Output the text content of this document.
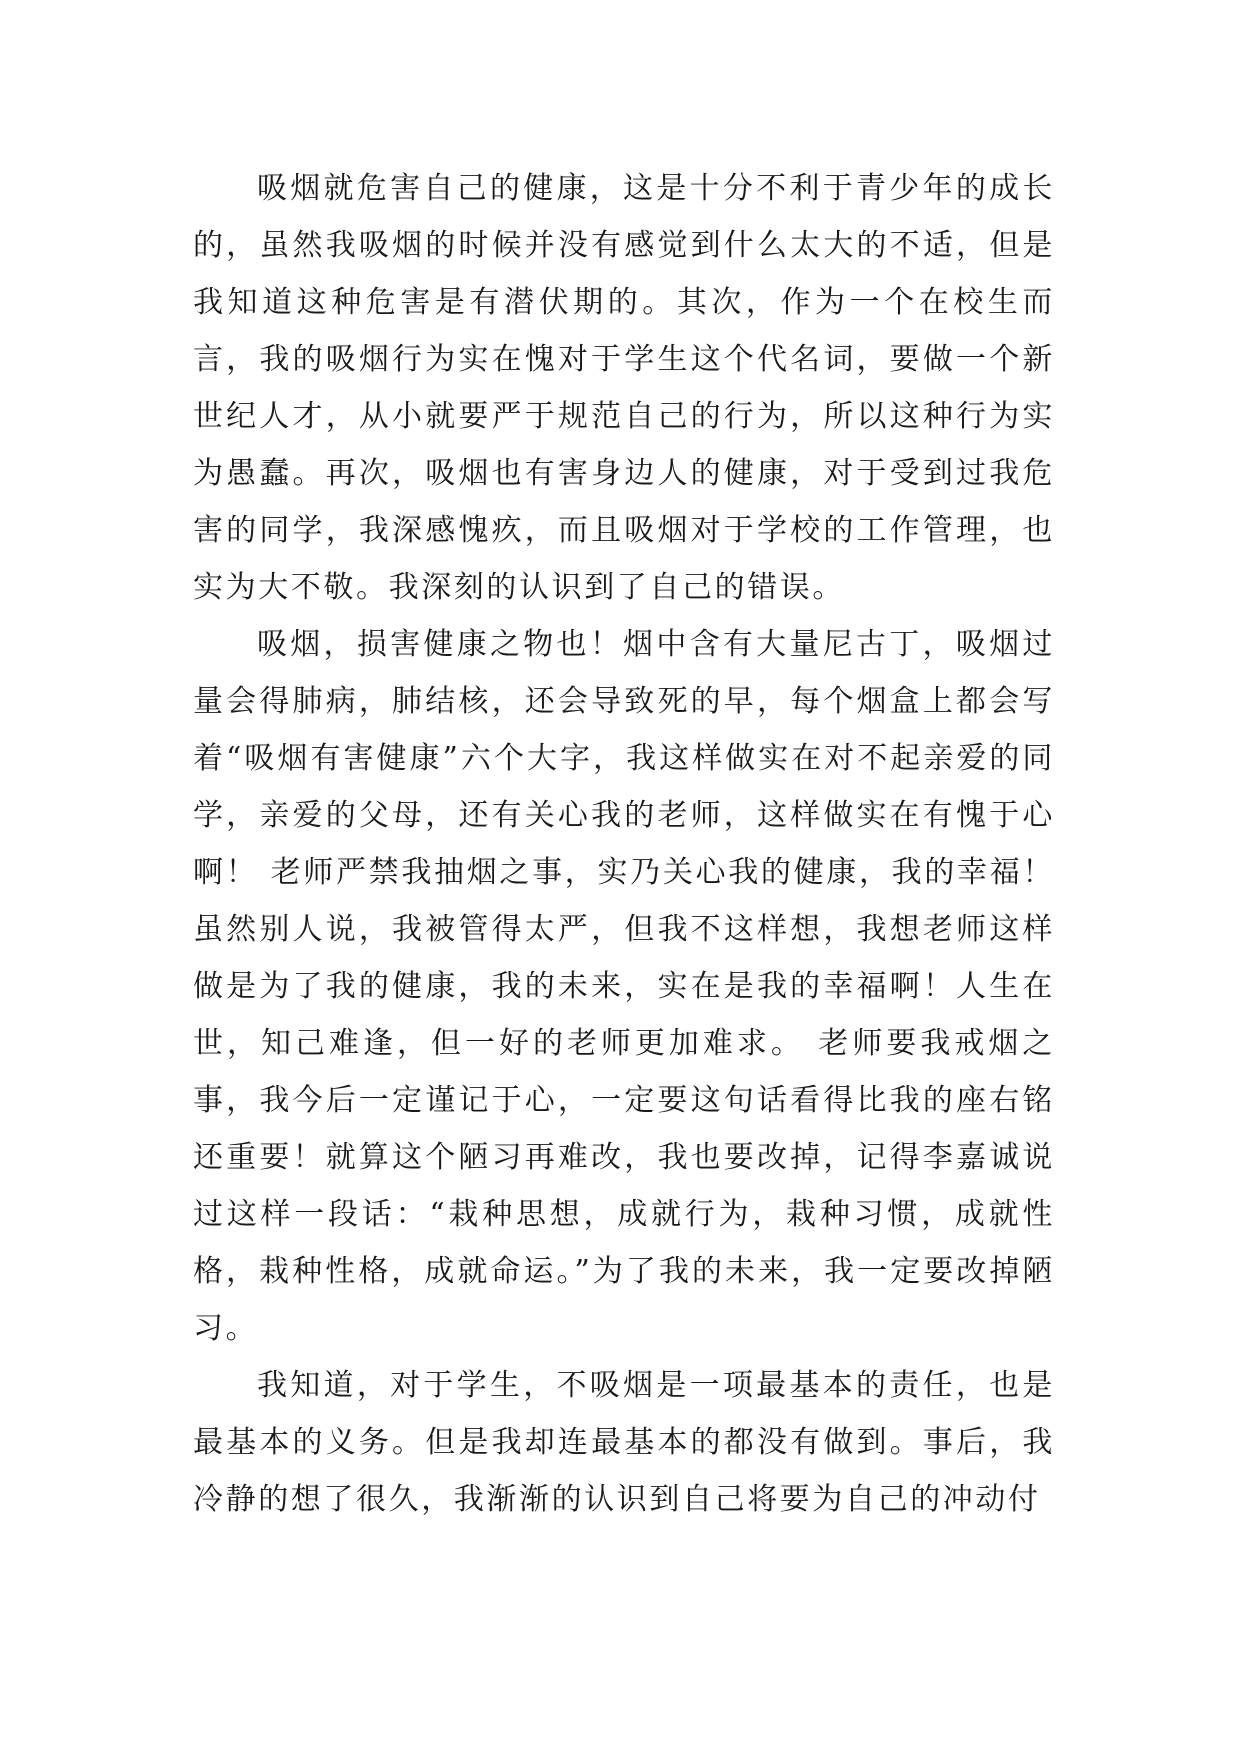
吸烟就危害自己的健康，这是十分不利于青少年的成长的，虽然我吸烟的时候并没有感觉到什么太大的不适，但是我知道这种危害是有潜伏期的。其次，作为一个在校生而言，我的吸烟行为实在愧对于学生这个代名词，要做一个新世纪人才，从小就要严于规范自己的行为，所以这种行为实为愚蠢。再次，吸烟也有害身边人的健康，对于受到过我危害的同学，我深感愧疚，而且吸烟对于学校的工作管理，也实为大不敬。我深刻的认识到了自己的错误。

吸烟，损害健康之物也！烟中含有大量尼古丁，吸烟过量会得肺病，肺结核，还会导致死的早，每个烟盒上都会写着“吸烟有害健康”六个大字，我这样做实在对不起亲爱的同学，亲爱的父母，还有关心我的老师，这样做实在有愧于心啊！ 老师严禁我抽烟之事，实乃关心我的健康，我的幸福！虽然别人说，我被管得太严，但我不这样想，我想老师这样做是为了我的健康，我的未来，实在是我的幸福啊！人生在世，知己难逢，但一好的老师更加难求。 老师要我戒烟之事，我今后一定谨记于心，一定要这句话看得比我的座右铭还重要！就算这个陋习再难改，我也要改掉，记得李嘉诚说过这样一段话：“栽种思想，成就行为，栽种习惯，成就性格，栽种性格，成就命运。”为了我的未来，我一定要改掉陋习。

我知道，对于学生，不吸烟是一项最基本的责任，也是最基本的义务。但是我却连最基本的都没有做到。事后，我冷静的想了很久，我渐渐的认识到自己将要为自己的冲动付
